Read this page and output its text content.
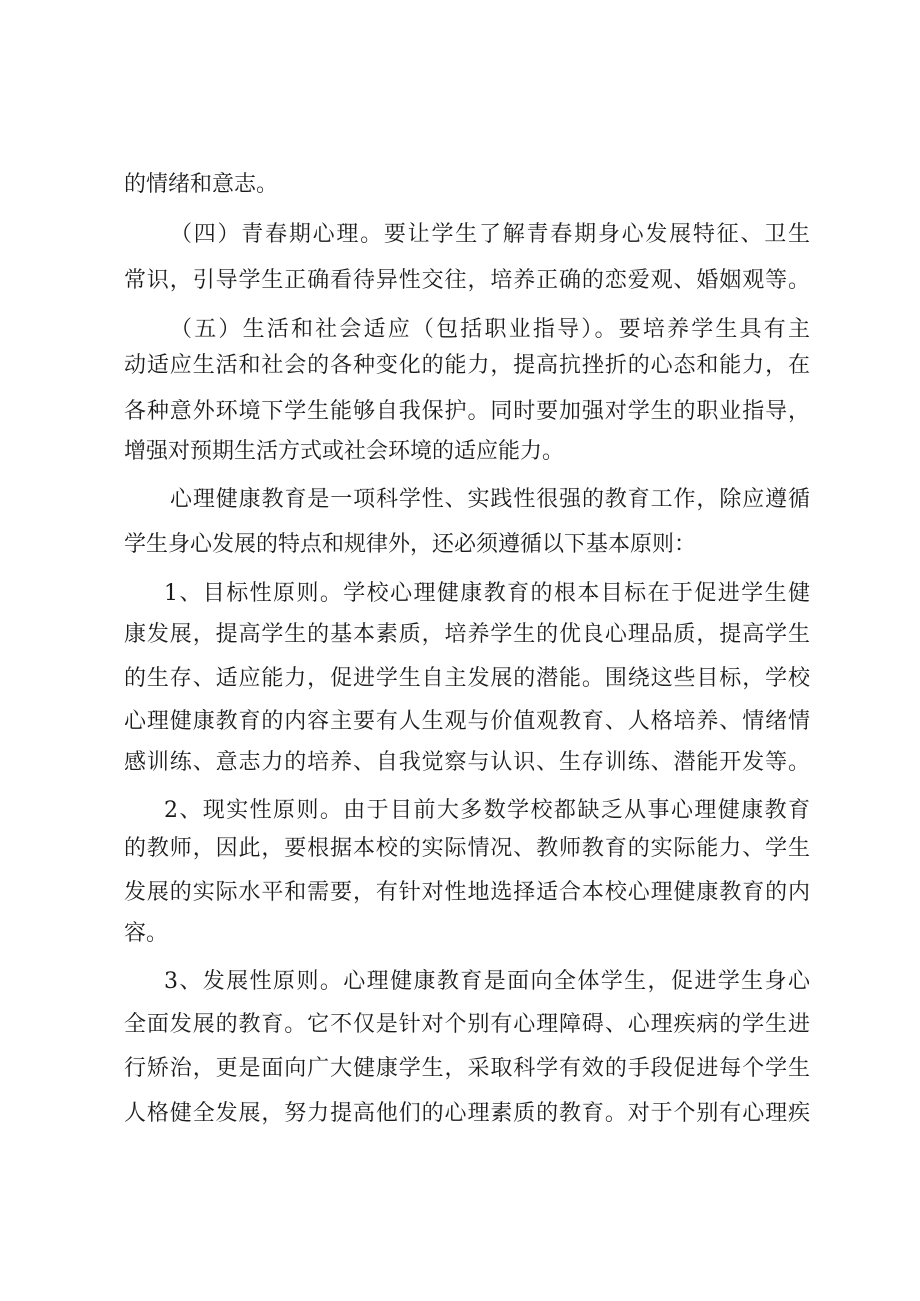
的情绪和意志。
（四）青春期心理。要让学生了解青春期身心发展特征、卫生
常识，引导学生正确看待异性交往，培养正确的恋爱观、婚姻观等。
（五）生活和社会适应（包括职业指导）。要培养学生具有主
动适应生活和社会的各种变化的能力，提高抗挫折的心态和能力，在
各种意外环境下学生能够自我保护。同时要加强对学生的职业指导，
增强对预期生活方式或社会环境的适应能力。
心理健康教育是一项科学性、实践性很强的教育工作，除应遵循
学生身心发展的特点和规律外，还必须遵循以下基本原则：
1、目标性原则。学校心理健康教育的根本目标在于促进学生健
康发展，提高学生的基本素质，培养学生的优良心理品质，提高学生
的生存、适应能力，促进学生自主发展的潜能。围绕这些目标，学校
心理健康教育的内容主要有人生观与价值观教育、人格培养、情绪情
感训练、意志力的培养、自我觉察与认识、生存训练、潜能开发等。
2、现实性原则。由于目前大多数学校都缺乏从事心理健康教育
的教师，因此，要根据本校的实际情况、教师教育的实际能力、学生
发展的实际水平和需要，有针对性地选择适合本校心理健康教育的内
容。
3、发展性原则。心理健康教育是面向全体学生，促进学生身心
全面发展的教育。它不仅是针对个别有心理障碍、心理疾病的学生进
行矫治，更是面向广大健康学生，采取科学有效的手段促进每个学生
人格健全发展，努力提高他们的心理素质的教育。对于个别有心理疾
